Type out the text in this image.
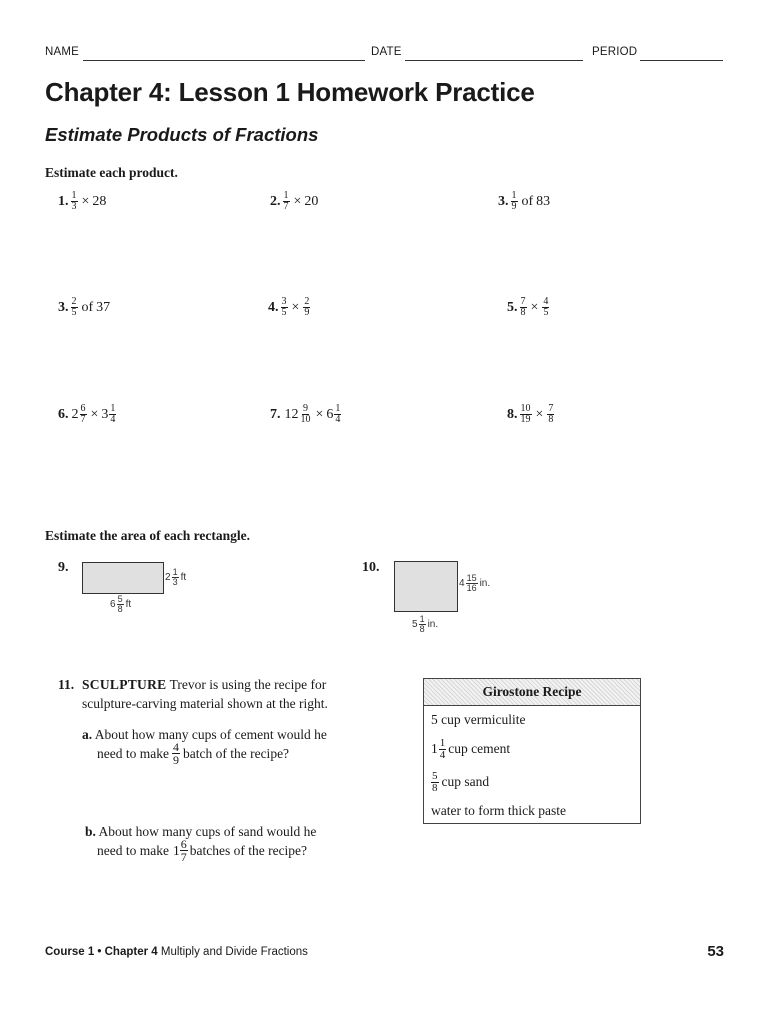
NAME	DATE	PERIOD
Chapter 4: Lesson 1 Homework Practice
Estimate Products of Fractions
Estimate each product.
1. $\frac{1}{3} \times 28$	2. $\frac{1}{7} \times 20$	3. $\frac{1}{9}$ of 83
3. $\frac{2}{5}$ of 37	4. $\frac{3}{5} \times \frac{2}{9}$	5. $\frac{7}{8} \times \frac{4}{5}$
6. $2 \frac{6}{7} \times 3 \frac{1}{4}$	7. $12 \frac{9}{10} \times 6 \frac{1}{4}$	8. $\frac{10}{19} \times \frac{7}{8}$
Estimate the area of each rectangle.
9.
$2 \frac{1}{3}$ ft
$6 \frac{5}{8}$ ft
10.
$4 \frac{15}{16}$ in.
$5 \frac{1}{8}$ in.
11. SCULPTURE Trevor is using the recipe for
sculpture-carving material shown at the right.
a. About how many cups of cement would he
need to make $\frac{4}{9}$ batch of the recipe?
b. About how many cups of sand would he
need to make $1 \frac{6}{7}$ batches of the recipe?
Girostone Recipe
5 cup vermiculite
$1 \frac{1}{4}$ cup cement
$\frac{5}{8}$ cup sand
water to form thick paste
Course 1 • Chapter 4 Multiply and Divide Fractions	53
